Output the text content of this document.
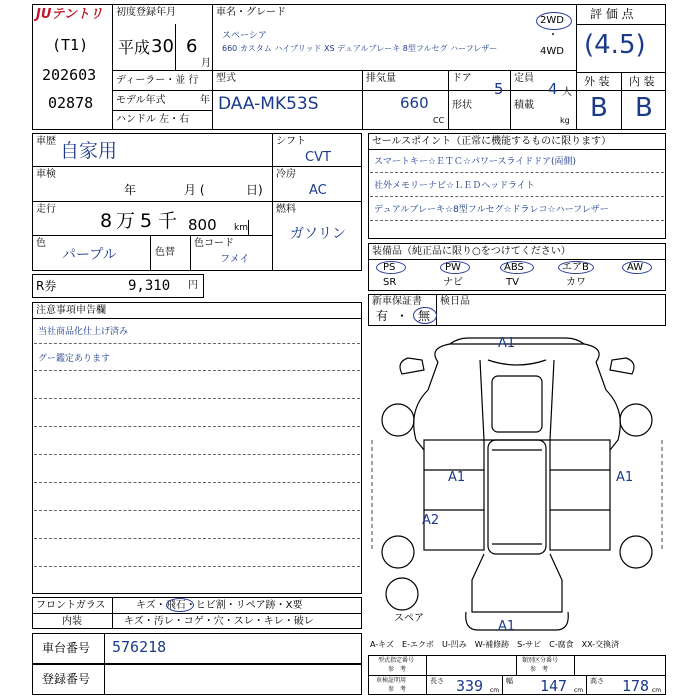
JUテントリ 初度登録年月
平成 30 6
月
(T1)
202603
02878
ディーラー・並 行
モデル年式	年
ハンドル 左・右
車名・グレード
スペーシア
660 カスタム ハイブリッド XS デュアルブレーキ 8型フルセグ ハーフレザー
2WD
・
4WD
評 価 点
(4.5)
外 装 内 装
B B
型式
DAA-MK53S
排気量
660
CC
ドア
5
定員
4 人
形状	積載
kg
車歴 自家用
車検
年	月 (	日)
走行
8 万 5 千 800 km
色
パープル	色替
色コード
フメイ
シフト
CVT
冷房
AC
燃料
ガソリン
R券	9,310 円
セールスポイント（正常に機能するものに限ります）
スマートキー☆ＥＴＣ☆パワースライドドア(両側)
社外メモリーナビ☆ＬＥＤヘッドライト
デュアルブレーキ☆8型フルセグ☆ドラレコ☆ハーフレザー
装備品（純正品に限り○をつけてください）
PS	PW	ABS	エアB	AW
SR	ナビ	TV	カワ
新車保証書
有 ・ 無
検日品
注意事項申告欄
当社商品化仕上げ済み
グー鑑定あります
フロントガラス	キズ・飛石・ヒビ割・リペア跡・X要
内装	キズ・汚レ・コゲ・穴・スレ・キレ・破レ
車台番号 576218
登録番号
A1
A1	A1
A2
A1
スペア
A-キズ　E-エクボ　U-凹み　W-補修跡　S-サビ　C-腐食　XX-交換済
型式指定番号
参　考
類別区分番号
参　考
車検証明用
参　考
長さ 339 cm
幅 147 cm
高さ 178 cm
